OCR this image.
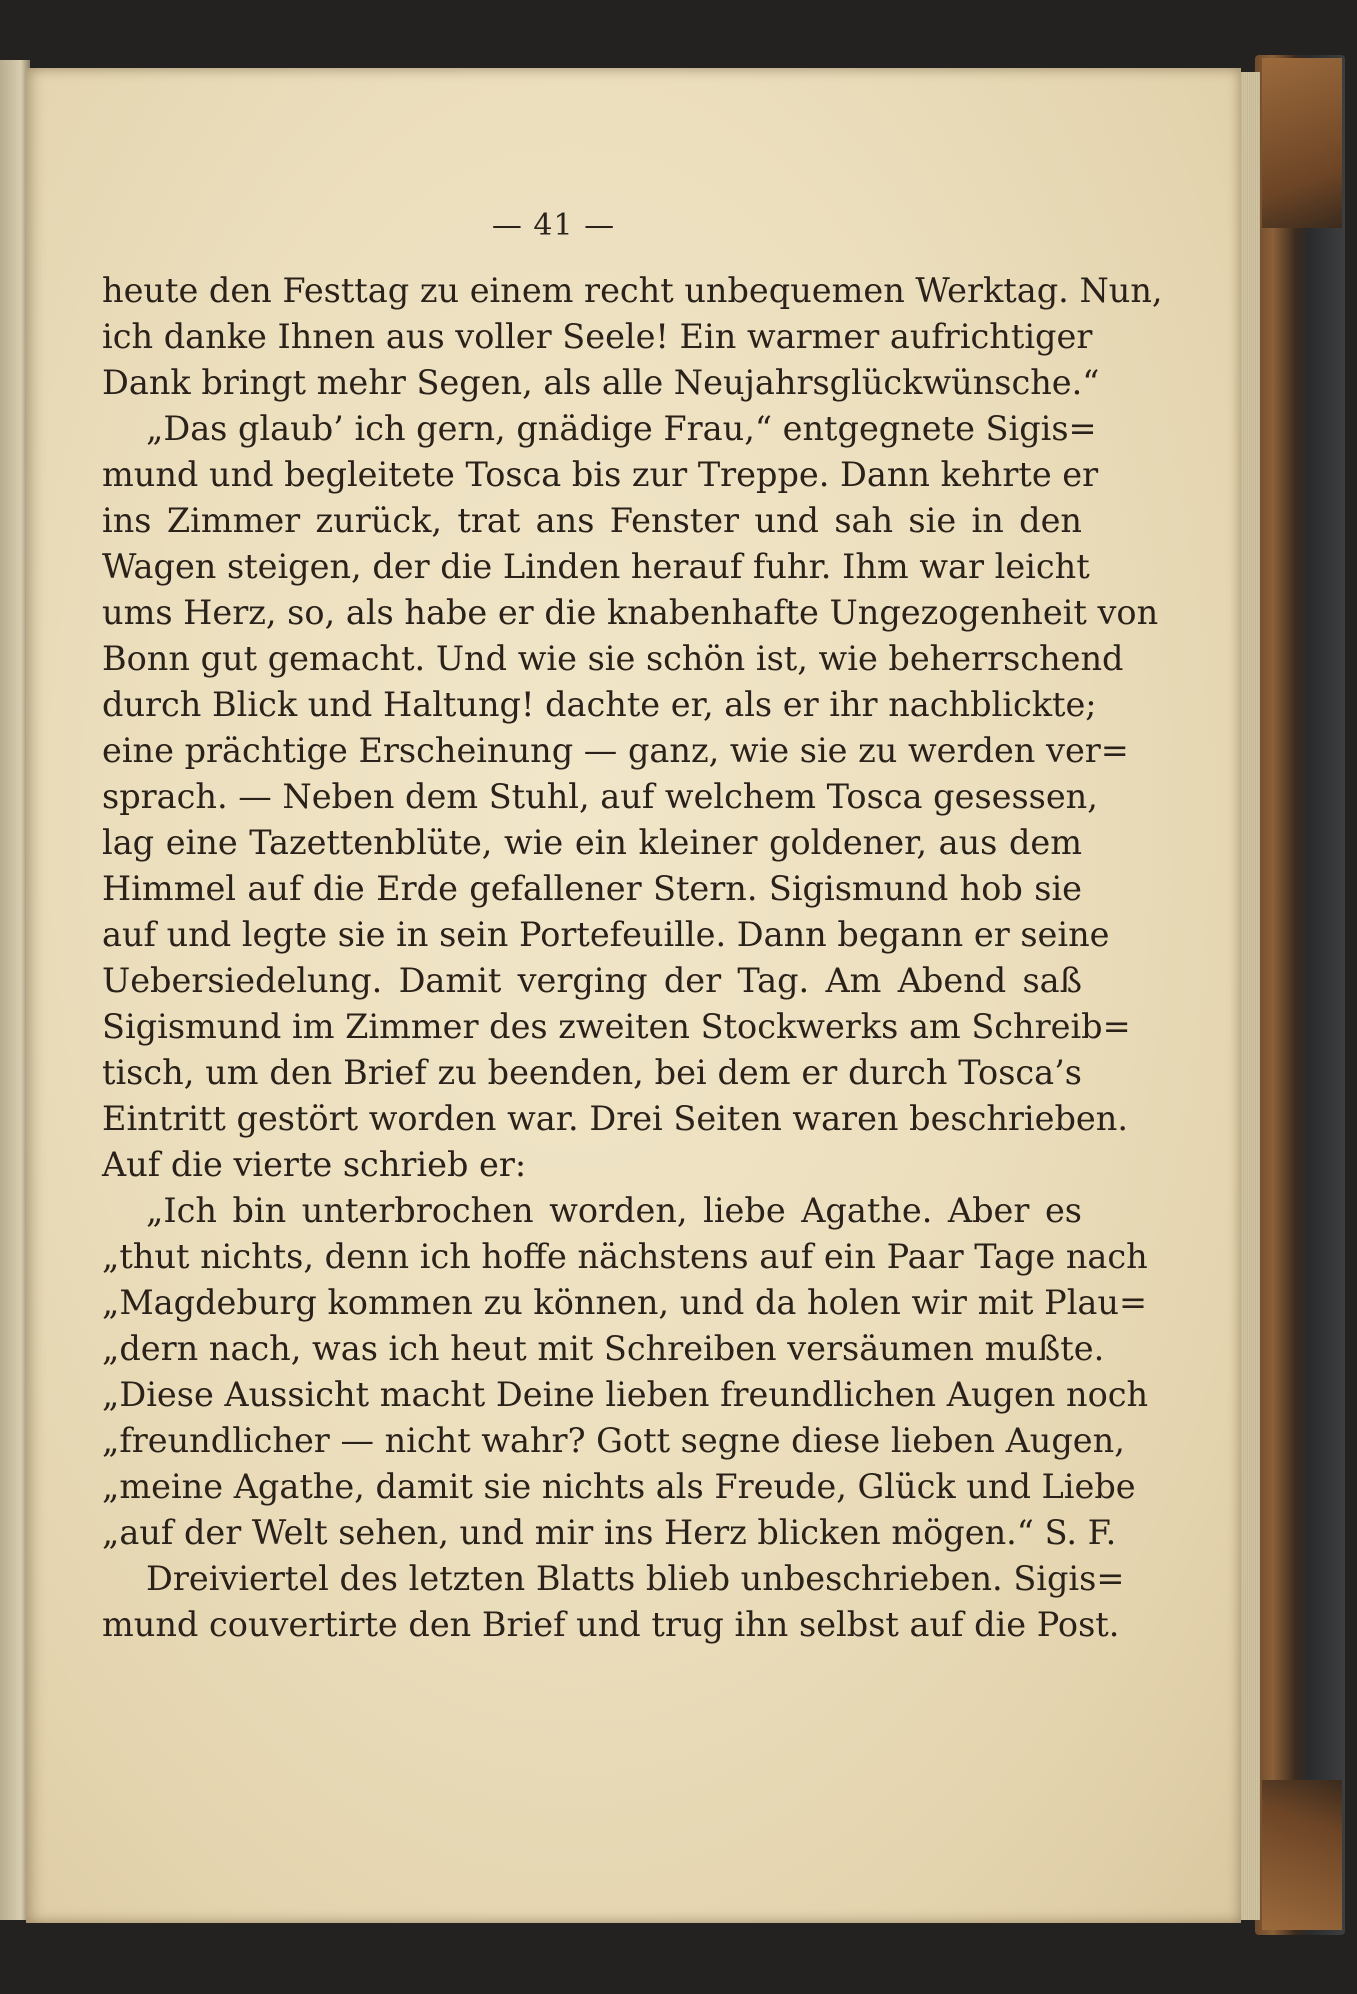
— 41 —
heute den Festtag zu einem recht unbequemen Werktag. Nun,
ich danke Ihnen aus voller Seele! Ein warmer aufrichtiger
Dank bringt mehr Segen, als alle Neujahrsglückwünsche.“
„Das glaub’ ich gern, gnädige Frau,“ entgegnete Sigis=
mund und begleitete Tosca bis zur Treppe. Dann kehrte er
ins Zimmer zurück, trat ans Fenster und sah sie in den
Wagen steigen, der die Linden herauf fuhr. Ihm war leicht
ums Herz, so, als habe er die knabenhafte Ungezogenheit von
Bonn gut gemacht. Und wie sie schön ist, wie beherrschend
durch Blick und Haltung! dachte er, als er ihr nachblickte;
eine prächtige Erscheinung — ganz, wie sie zu werden ver=
sprach. — Neben dem Stuhl, auf welchem Tosca gesessen,
lag eine Tazettenblüte, wie ein kleiner goldener, aus dem
Himmel auf die Erde gefallener Stern. Sigismund hob sie
auf und legte sie in sein Portefeuille. Dann begann er seine
Uebersiedelung. Damit verging der Tag. Am Abend saß
Sigismund im Zimmer des zweiten Stockwerks am Schreib=
tisch, um den Brief zu beenden, bei dem er durch Tosca’s
Eintritt gestört worden war. Drei Seiten waren beschrieben.
Auf die vierte schrieb er:
„Ich bin unterbrochen worden, liebe Agathe. Aber es
„thut nichts, denn ich hoffe nächstens auf ein Paar Tage nach
„Magdeburg kommen zu können, und da holen wir mit Plau=
„dern nach, was ich heut mit Schreiben versäumen mußte.
„Diese Aussicht macht Deine lieben freundlichen Augen noch
„freundlicher — nicht wahr? Gott segne diese lieben Augen,
„meine Agathe, damit sie nichts als Freude, Glück und Liebe
„auf der Welt sehen, und mir ins Herz blicken mögen.“ S. F.
Dreiviertel des letzten Blatts blieb unbeschrieben. Sigis=
mund couvertirte den Brief und trug ihn selbst auf die Post.
